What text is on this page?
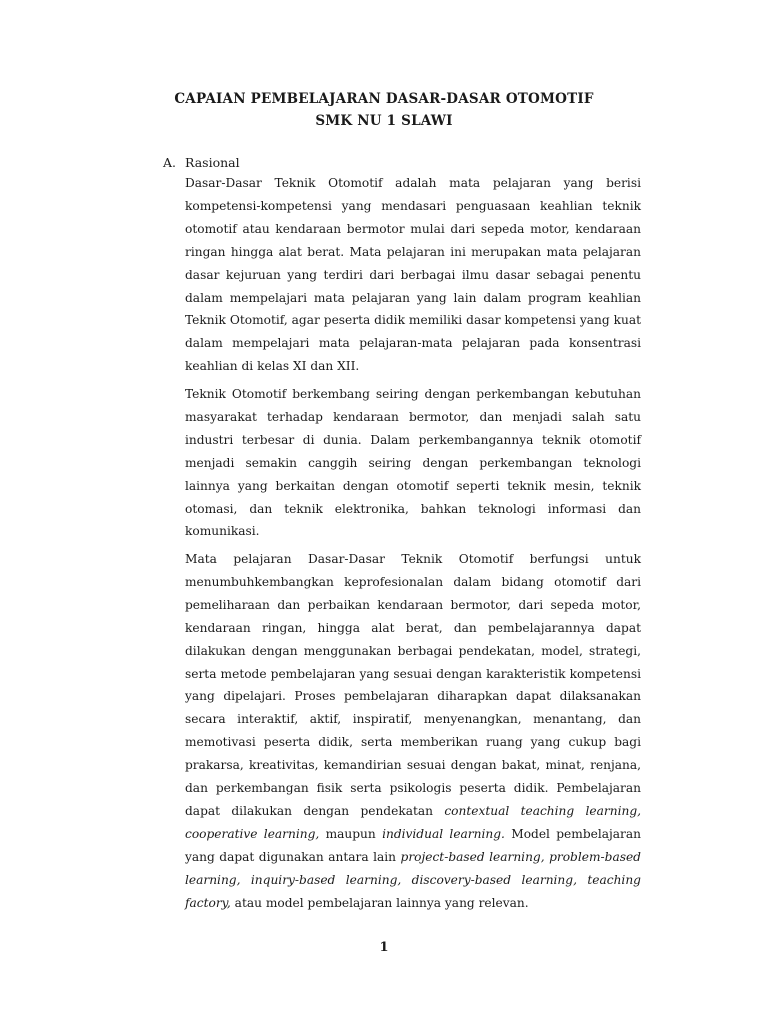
CAPAIAN PEMBELAJARAN DASAR-DASAR OTOMOTIF
SMK NU 1 SLAWI
A. Rasional

Dasar-Dasar Teknik Otomotif adalah mata pelajaran yang berisi kompetensi-kompetensi yang mendasari penguasaan keahlian teknik otomotif atau kendaraan bermotor mulai dari sepeda motor, kendaraan ringan hingga alat berat. Mata pelajaran ini merupakan mata pelajaran dasar kejuruan yang terdiri dari berbagai ilmu dasar sebagai penentu dalam mempelajari mata pelajaran yang lain dalam program keahlian Teknik Otomotif, agar peserta didik memiliki dasar kompetensi yang kuat dalam mempelajari mata pelajaran-mata pelajaran pada konsentrasi keahlian di kelas XI dan XII.

Teknik Otomotif berkembang seiring dengan perkembangan kebutuhan masyarakat terhadap kendaraan bermotor, dan menjadi salah satu industri terbesar di dunia. Dalam perkembangannya teknik otomotif menjadi semakin canggih seiring dengan perkembangan teknologi lainnya yang berkaitan dengan otomotif seperti teknik mesin, teknik otomasi, dan teknik elektronika, bahkan teknologi informasi dan komunikasi.

Mata pelajaran Dasar-Dasar Teknik Otomotif berfungsi untuk menumbuhkembangkan keprofesionalan dalam bidang otomotif dari pemeliharaan dan perbaikan kendaraan bermotor, dari sepeda motor, kendaraan ringan, hingga alat berat, dan pembelajarannya dapat dilakukan dengan menggunakan berbagai pendekatan, model, strategi, serta metode pembelajaran yang sesuai dengan karakteristik kompetensi yang dipelajari. Proses pembelajaran diharapkan dapat dilaksanakan secara interaktif, aktif, inspiratif, menyenangkan, menantang, dan memotivasi peserta didik, serta memberikan ruang yang cukup bagi prakarsa, kreativitas, kemandirian sesuai dengan bakat, minat, renjana, dan perkembangan fisik serta psikologis peserta didik. Pembelajaran dapat dilakukan dengan pendekatan contextual teaching learning, cooperative learning, maupun individual learning. Model pembelajaran yang dapat digunakan antara lain project-based learning, problem-based learning, inquiry-based learning, discovery-based learning, teaching factory, atau model pembelajaran lainnya yang relevan.

1
